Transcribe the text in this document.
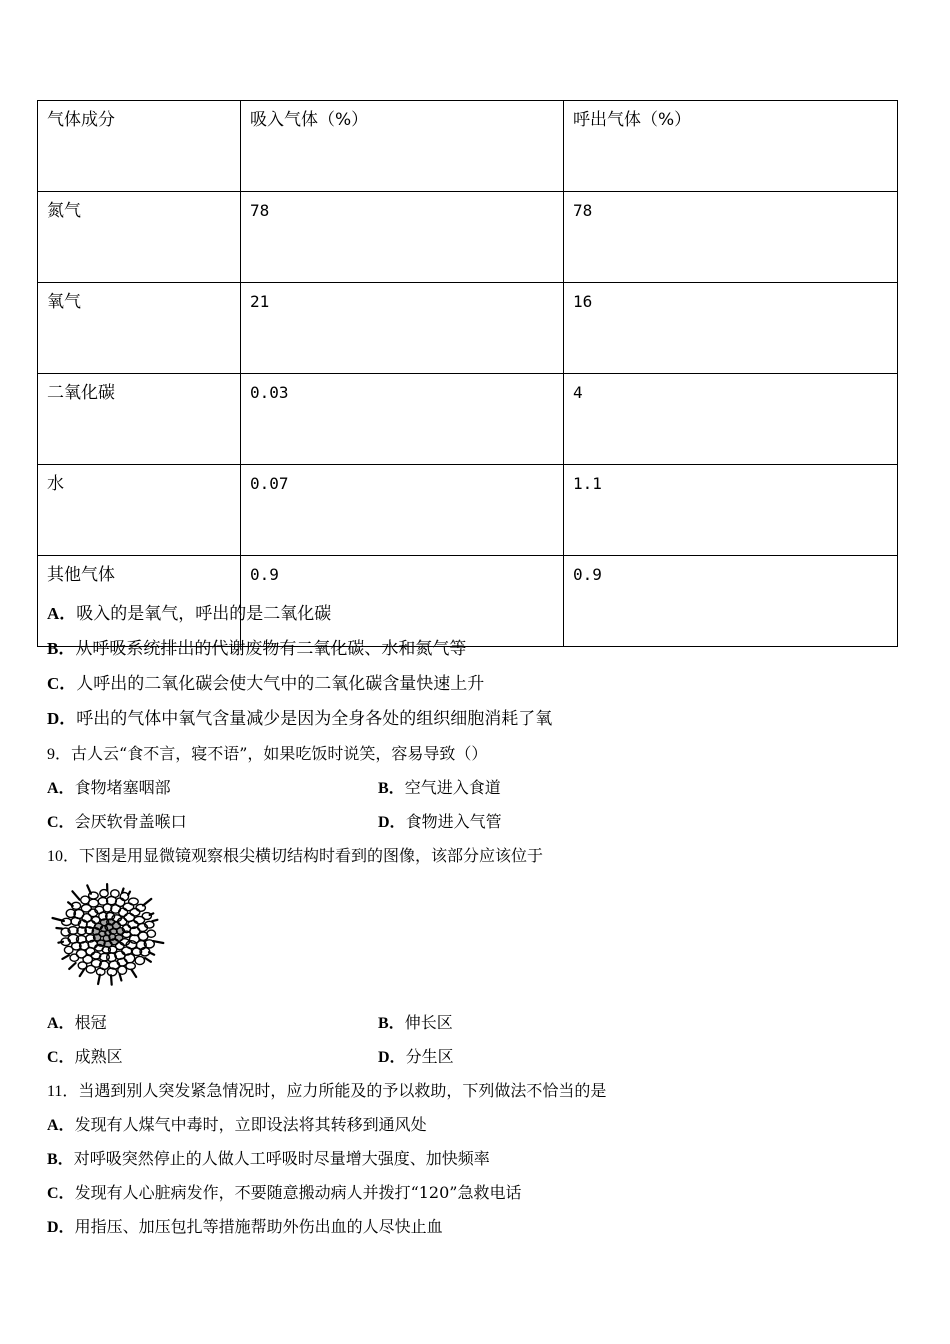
气体成分	吸入气体（%）	呼出气体（%）
氮气	78	78
氧气	21	16
二氧化碳	0.03	4
水	0.07	1.1
其他气体	0.9	0.9
A．吸入的是氧气，呼出的是二氧化碳
B．从呼吸系统排出的代谢废物有二氧化碳、水和氮气等
C．人呼出的二氧化碳会使大气中的二氧化碳含量快速上升
D．呼出的气体中氧气含量减少是因为全身各处的组织细胞消耗了氧
9．古人云“食不言，寝不语”，如果吃饭时说笑，容易导致（）
A．食物堵塞咽部	B．空气进入食道
C．会厌软骨盖喉口	D．食物进入气管
10．下图是用显微镜观察根尖横切结构时看到的图像，该部分应该位于
A．根冠	B．伸长区
C．成熟区	D．分生区
11．当遇到别人突发紧急情况时，应力所能及的予以救助，下列做法不恰当的是
A．发现有人煤气中毒时，立即设法将其转移到通风处
B．对呼吸突然停止的人做人工呼吸时尽量增大强度、加快频率
C．发现有人心脏病发作，不要随意搬动病人并拨打“120”急救电话
D．用指压、加压包扎等措施帮助外伤出血的人尽快止血
